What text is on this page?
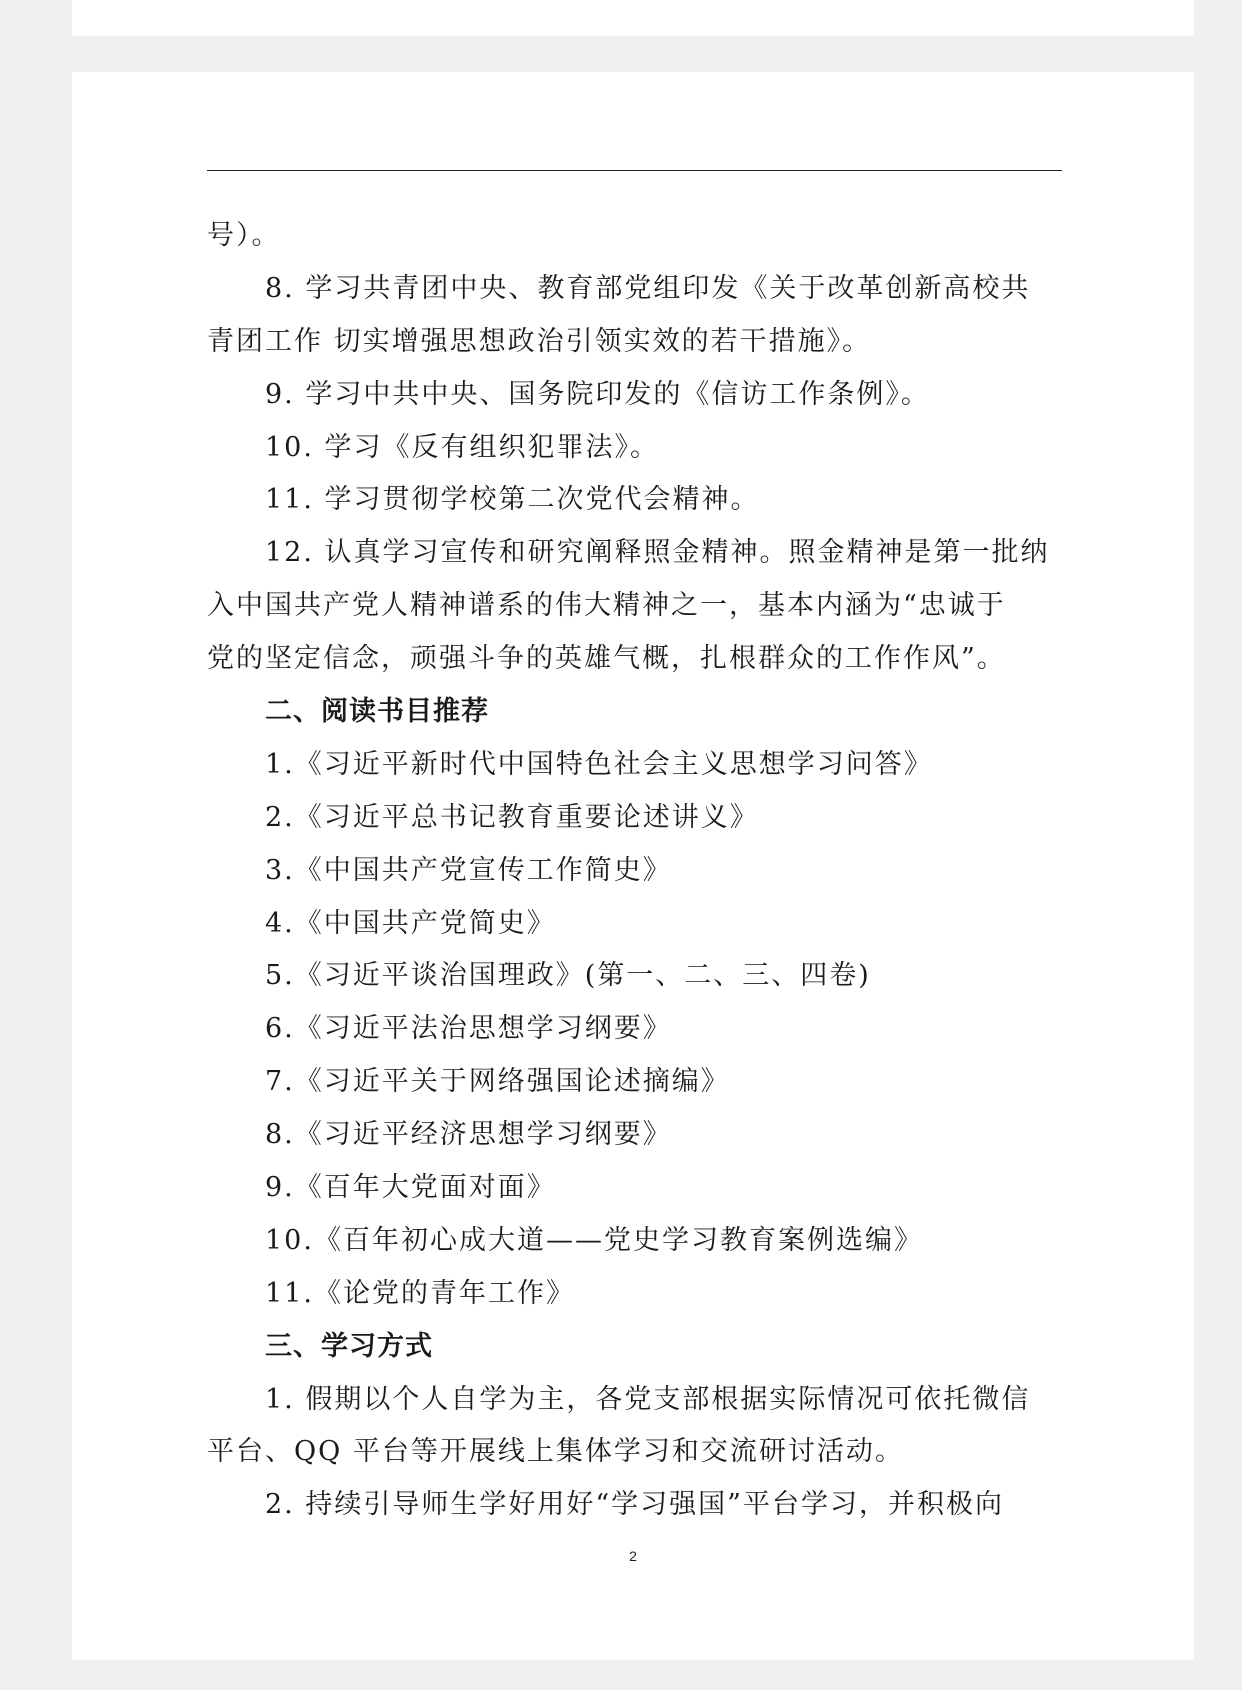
号）。
8. 学习共青团中央、教育部党组印发《关于改革创新高校共
青团工作 切实增强思想政治引领实效的若干措施》。
9. 学习中共中央、国务院印发的《信访工作条例》。
10. 学习《反有组织犯罪法》。
11. 学习贯彻学校第二次党代会精神。
12. 认真学习宣传和研究阐释照金精神。照金精神是第一批纳
入中国共产党人精神谱系的伟大精神之一，基本内涵为“忠诚于
党的坚定信念，顽强斗争的英雄气概，扎根群众的工作作风”。
二、阅读书目推荐
1.《习近平新时代中国特色社会主义思想学习问答》
2.《习近平总书记教育重要论述讲义》
3.《中国共产党宣传工作简史》
4.《中国共产党简史》
5.《习近平谈治国理政》(第一、二、三、四卷)
6.《习近平法治思想学习纲要》
7.《习近平关于网络强国论述摘编》
8.《习近平经济思想学习纲要》
9.《百年大党面对面》
10.《百年初心成大道——党史学习教育案例选编》
11.《论党的青年工作》
三、学习方式
1. 假期以个人自学为主，各党支部根据实际情况可依托微信
平台、QQ 平台等开展线上集体学习和交流研讨活动。
2. 持续引导师生学好用好“学习强国”平台学习，并积极向
2
